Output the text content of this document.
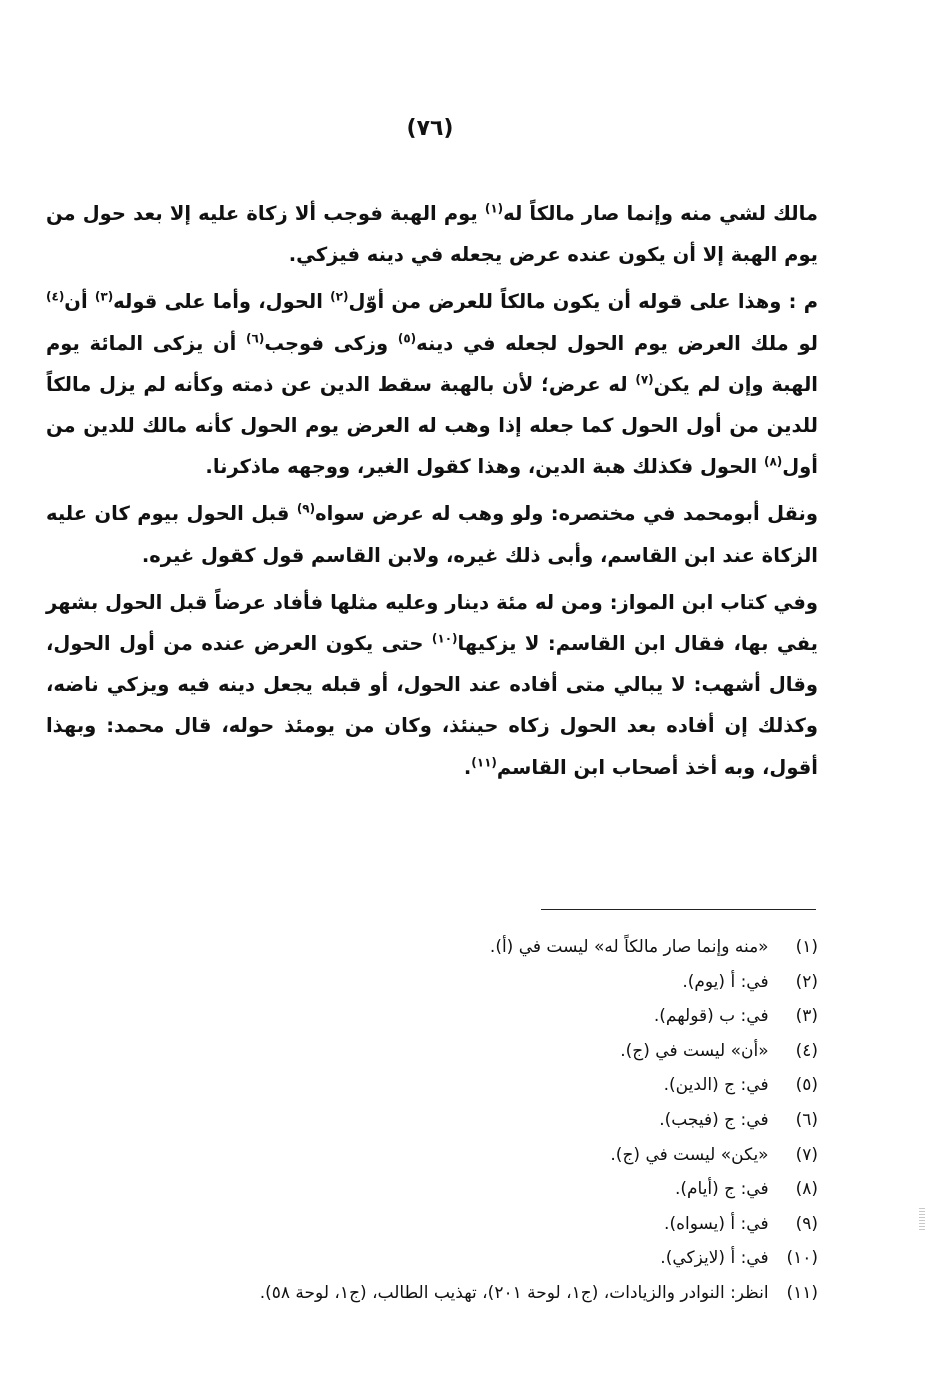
(٧٦)

مالك لشي منه وإنما صار مالكاً له$^{(١)}$ يوم الهبة فوجب ألا زكاة عليه إلا بعد حول من يوم الهبة إلا أن يكون عنده عرض يجعله في دينه فيزكي.

م : وهذا على قوله أن يكون مالكاً للعرض من أوّل$^{(٢)}$ الحول، وأما على قوله$^{(٣)}$ أن$^{(٤)}$ لو ملك العرض يوم الحول لجعله في دينه$^{(٥)}$ وزكى فوجب$^{(٦)}$ أن يزكى المائة يوم الهبة وإن لم يكن$^{(٧)}$ له عرض؛ لأن بالهبة سقط الدين عن ذمته وكأنه لم يزل مالكاً للدين من أول الحول كما جعله إذا وهب له العرض يوم الحول كأنه مالك للدين من أول$^{(٨)}$ الحول فكذلك هبة الدين، وهذا كقول الغير، ووجهه ماذكرنا.

ونقل أبومحمد في مختصره: ولو وهب له عرض سواه$^{(٩)}$ قبل الحول بيوم كان عليه الزكاة عند ابن القاسم، وأبى ذلك غيره، ولابن القاسم قول كقول غيره.

وفي كتاب ابن المواز: ومن له مئة دينار وعليه مثلها فأفاد عرضاً قبل الحول بشهر يفي بها، فقال ابن القاسم: لا يزكيها$^{(١٠)}$ حتى يكون العرض عنده من أول الحول، وقال أشهب: لا يبالي متى أفاده عند الحول، أو قبله يجعل دينه فيه ويزكي ناضه، وكذلك إن أفاده بعد الحول زكاه حينئذ، وكان من يومئذ حوله، قال محمد: وبهذا أقول، وبه أخذ أصحاب ابن القاسم$^{(١١)}$.

(١) «منه وإنما صار مالكاً له» ليست في (أ).
(٢) في: أ (يوم).
(٣) في: ب (قولهم).
(٤) «أن» ليست في (ج).
(٥) في: ج (الدين).
(٦) في: ج (فيجب).
(٧) «يكن» ليست في (ج).
(٨) في: ج (أيام).
(٩) في: أ (يسواه).
(١٠) في: أ (لايزكي).
(١١) انظر: النوادر والزيادات، (ج١، لوحة ٢٠١)، تهذيب الطالب، (ج١، لوحة ٥٨).
